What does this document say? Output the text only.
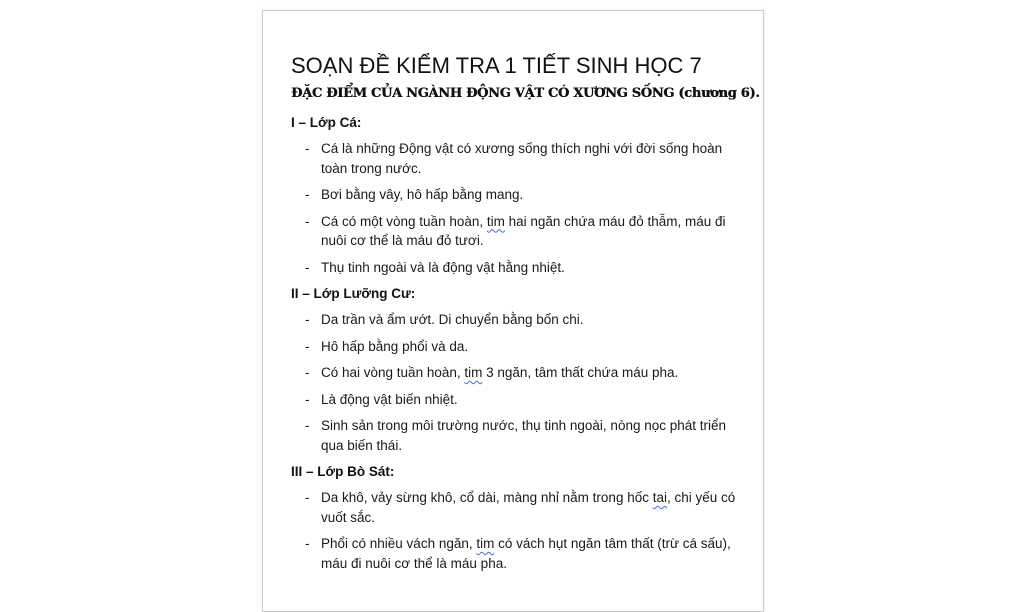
SOẠN ĐỀ KIỂM TRA 1 TIẾT SINH HỌC 7
ĐẶC ĐIỂM CỦA NGÀNH ĐỘNG VẬT CÓ XƯƠNG SỐNG (chương 6).
I – Lớp Cá:
- Cá là những Động vật có xương sống thích nghi với đời sống hoàn toàn trong nước.
- Bơi bằng vây, hô hấp bằng mang.
- Cá có một vòng tuần hoàn, tim hai ngăn chứa máu đỏ thẫm, máu đi nuôi cơ thể là máu đỏ tươi.
- Thụ tinh ngoài và là động vật hằng nhiệt.
II – Lớp Lưỡng Cư:
- Da trần và ẩm ướt. Di chuyển bằng bốn chi.
- Hô hấp bằng phổi và da.
- Có hai vòng tuần hoàn, tim 3 ngăn, tâm thất chứa máu pha.
- Là động vật biến nhiệt.
- Sinh sản trong môi trường nước, thụ tinh ngoài, nòng nọc phát triển qua biến thái.
III – Lớp Bò Sát:
- Da khô, vảy sừng khô, cổ dài, màng nhỉ nằm trong hốc tai, chi yếu có vuốt sắc.
- Phổi có nhiều vách ngăn, tim có vách hụt ngăn tâm thất (trừ cá sấu), máu đi nuôi cơ thể là máu pha.
